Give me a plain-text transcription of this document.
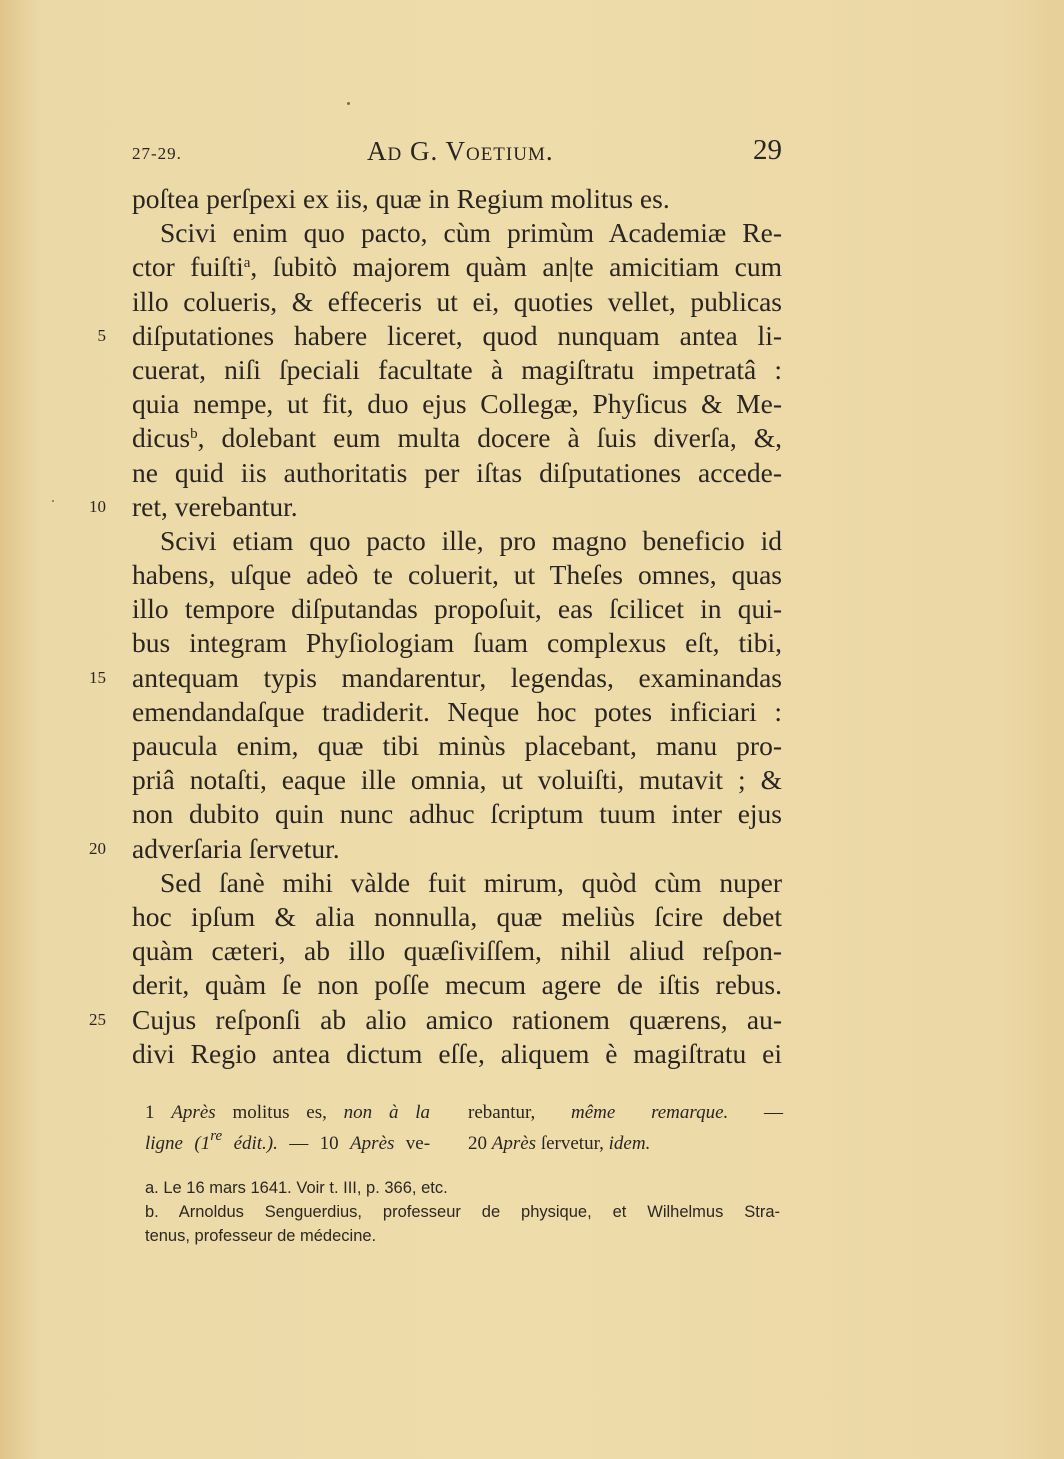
27-29.	Ad G. Voetium.	29
poſtea perſpexi ex iis, quæ in Regium molitus es.
Scivi enim quo pacto, cùm primùm Academiæ Re-
ctor fuiſti$^a$, ſubitò majorem quàm an|te amicitiam cum
illo colueris, & effeceris ut ei, quoties vellet, publicas
5 diſputationes habere liceret, quod nunquam antea li-
cuerat, niſi ſpeciali facultate à magiſtratu impetratâ :
quia nempe, ut fit, duo ejus Collegæ, Phyſicus & Me-
dicus$^b$, dolebant eum multa docere à ſuis diverſa, &,
ne quid iis authoritatis per iſtas diſputationes accede-
10 ret, verebantur.
Scivi etiam quo pacto ille, pro magno beneficio id
habens, uſque adeò te coluerit, ut Theſes omnes, quas
illo tempore diſputandas propoſuit, eas ſcilicet in qui-
bus integram Phyſiologiam ſuam complexus eſt, tibi,
15 antequam typis mandarentur, legendas, examinandas
emendandaſque tradiderit. Neque hoc potes inficiari :
paucula enim, quæ tibi minùs placebant, manu pro-
priâ notaſti, eaque ille omnia, ut voluiſti, mutavit ; &
non dubito quin nunc adhuc ſcriptum tuum inter ejus
20 adverſaria ſervetur.
Sed ſanè mihi vàlde fuit mirum, quòd cùm nuper
hoc ipſum & alia nonnulla, quæ meliùs ſcire debet
quàm cæteri, ab illo quæſiviſſem, nihil aliud reſpon-
derit, quàm ſe non poſſe mecum agere de iſtis rebus.
25 Cujus reſponſi ab alio amico rationem quærens, au-
divi Regio antea dictum eſſe, aliquem è magiſtratu ei
1 Après molitus es, non à la
ligne (1re édit.). — 10 Après ve-
rebantur, même remarque. —
20 Après ſervetur, idem.
a. Le 16 mars 1641. Voir t. III, p. 366, etc.
b. Arnoldus Senguerdius, professeur de physique, et Wilhelmus Stra-
tenus, professeur de médecine.
